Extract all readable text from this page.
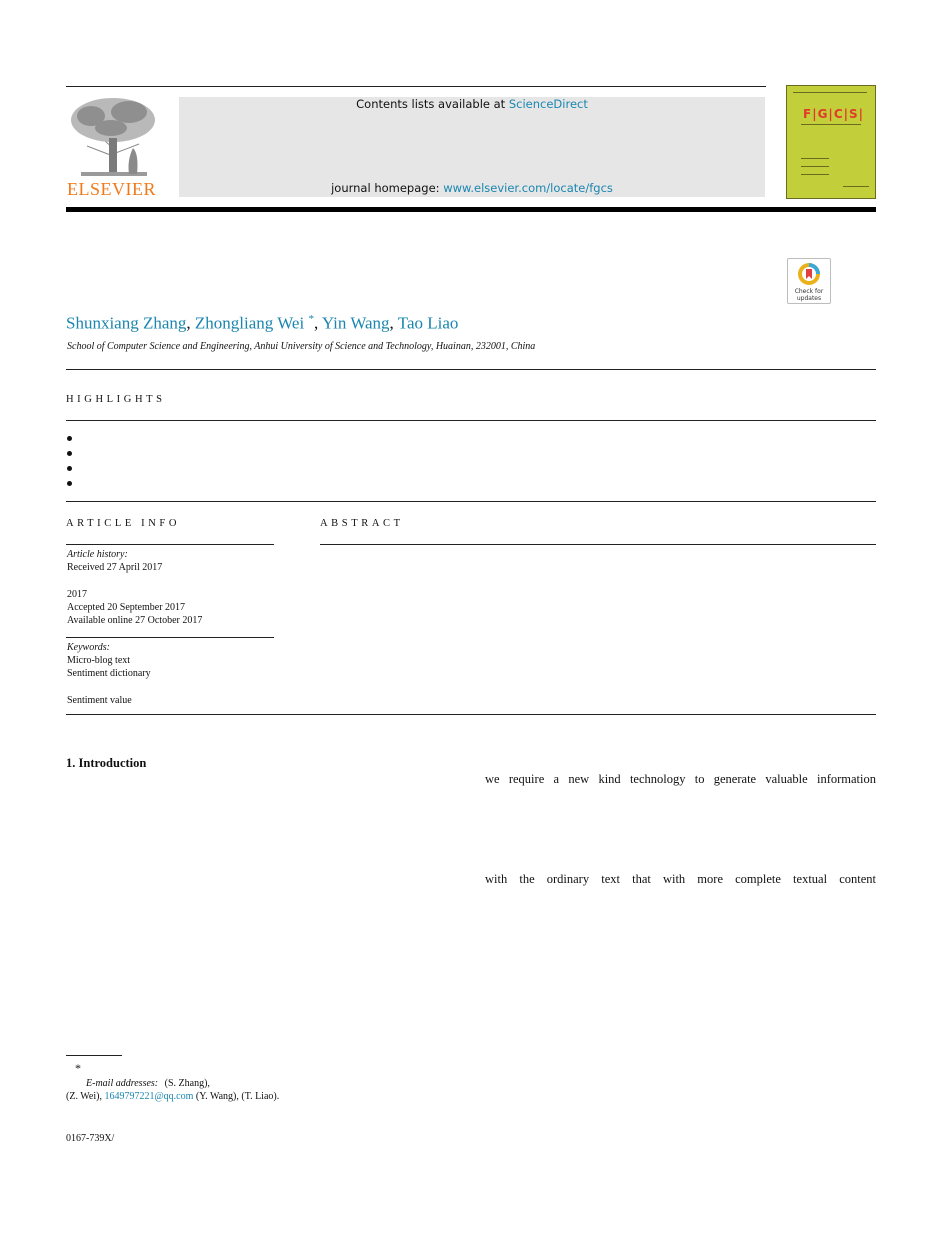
ELSEVIER
Contents lists available at ScienceDirect
journal homepage: www.elsevier.com/locate/fgcs
F|G|C|S|
Check for updates
Shunxiang Zhang, Zhongliang Wei *, Yin Wang, Tao Liao
School of Computer Science and Engineering, Anhui University of Science and Technology, Huainan, 232001, China
HIGHLIGHTS
ARTICLE INFO
Article history:
Received 27 April 2017
2017
Accepted 20 September 2017
Available online 27 October 2017
Keywords:
Micro-blog text
Sentiment dictionary
Sentiment value
ABSTRACT
1. Introduction
we require a new kind technology to generate valuable information
with the ordinary text that with more complete textual content
*
E-mail addresses: (S. Zhang),
(Z. Wei), 1649797221@qq.com (Y. Wang), (T. Liao).
0167-739X/
